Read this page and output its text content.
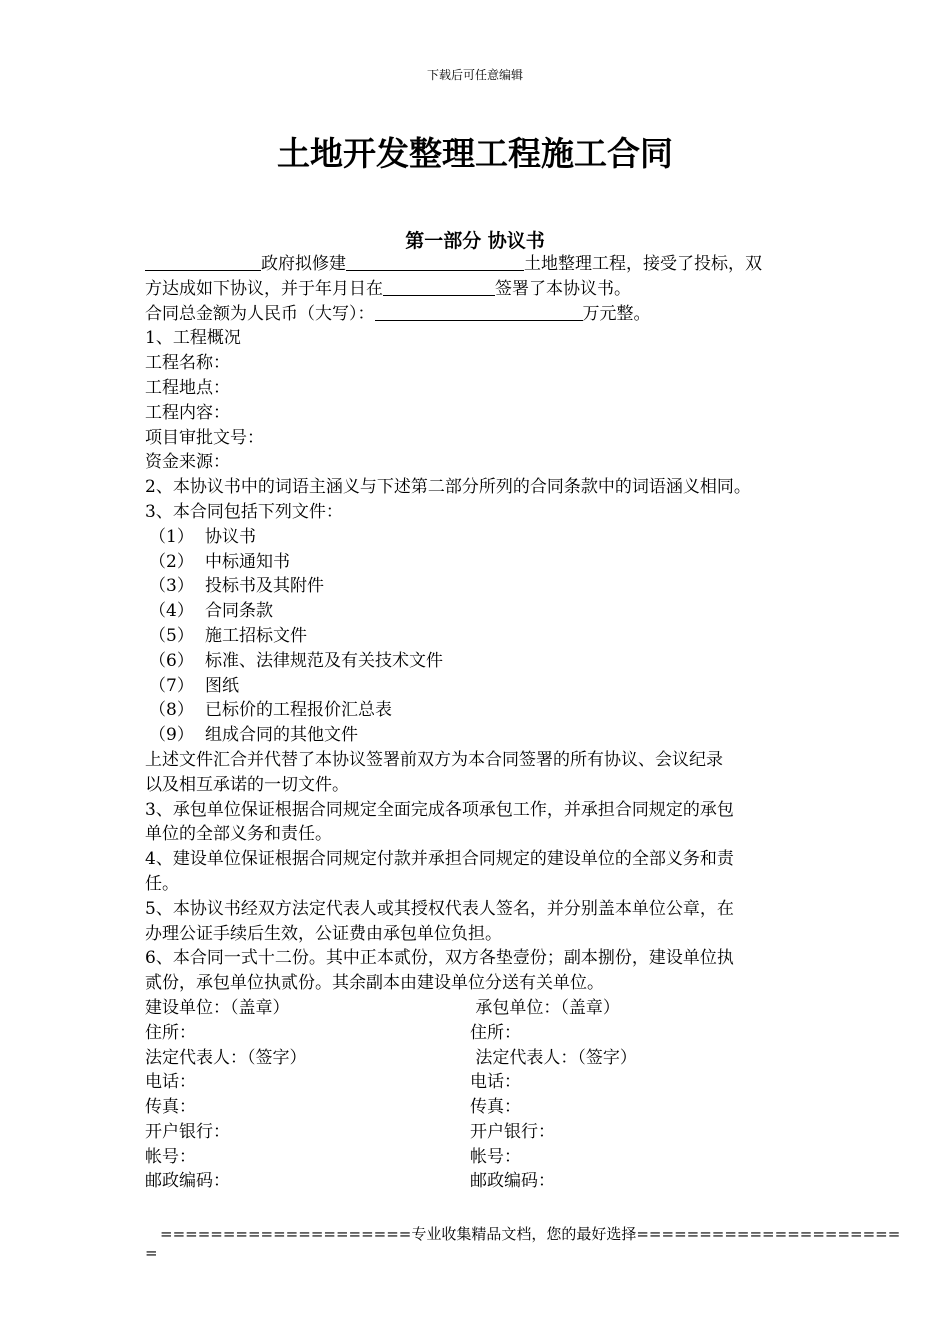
下载后可任意编辑
土地开发整理工程施工合同
第一部分 协议书
政府拟修建	土地整理工程，接受了投标，双
方达成如下协议，并于年月日在	签署了本协议书。
合同总金额为人民币（大写）：	万元整。
1、工程概况
工程名称：
工程地点：
工程内容：
项目审批文号：
资金来源：
2、本协议书中的词语主涵义与下述第二部分所列的合同条款中的词语涵义相同。
3、本合同包括下列文件：
（1） 协议书
（2） 中标通知书
（3） 投标书及其附件
（4） 合同条款
（5） 施工招标文件
（6） 标准、法律规范及有关技术文件
（7） 图纸
（8） 已标价的工程报价汇总表
（9） 组成合同的其他文件
上述文件汇合并代替了本协议签署前双方为本合同签署的所有协议、会议纪录
以及相互承诺的一切文件。
3、承包单位保证根据合同规定全面完成各项承包工作，并承担合同规定的承包
单位的全部义务和责任。
4、建设单位保证根据合同规定付款并承担合同规定的建设单位的全部义务和责
任。
5、本协议书经双方法定代表人或其授权代表人签名，并分别盖本单位公章，在
办理公证手续后生效，公证费由承包单位负担。
6、本合同一式十二份。其中正本贰份，双方各垫壹份；副本捌份，建设单位执
贰份，承包单位执贰份。其余副本由建设单位分送有关单位。
建设单位：（盖章）	承包单位：（盖章）
住所：	住所：
法定代表人：（签字）	法定代表人：（签字）
电话：	电话：
传真：	传真：
开户银行：	开户银行：
帐号：	帐号：
邮政编码：	邮政编码：
====================专业收集精品文档，您的最好选择=====================
=
